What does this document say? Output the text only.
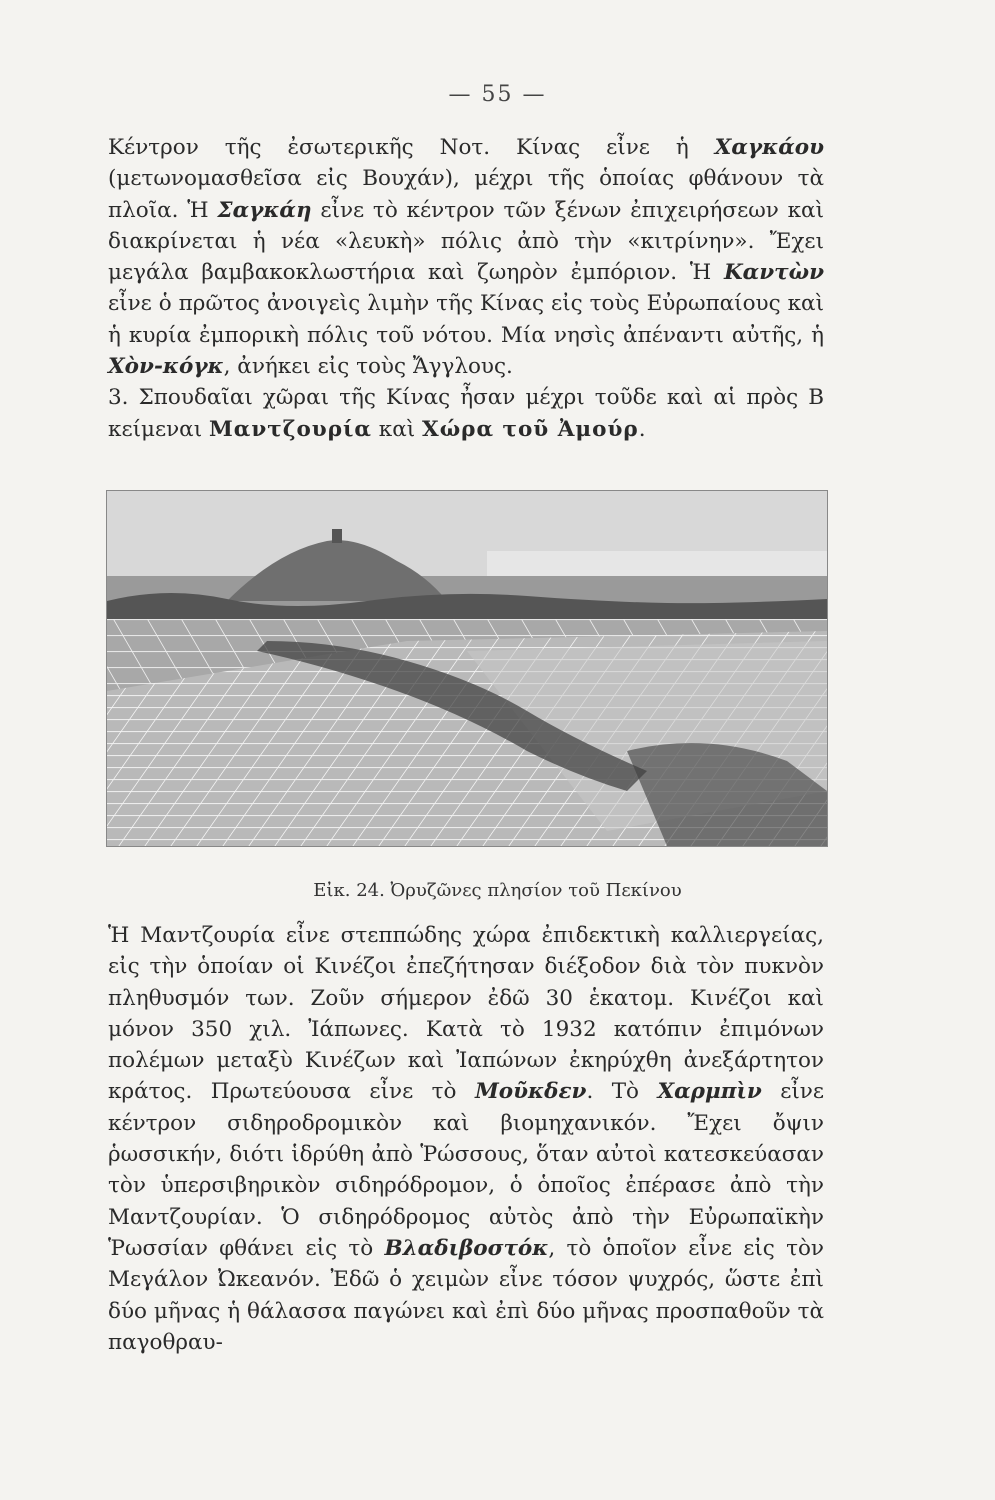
— 55 —

Κέντρον τῆς ἐσωτερικῆς Νοτ. Κίνας εἶνε ἡ Χαγκάου (μετωνομασθεῖσα εἰς Βουχάν), μέχρι τῆς ὁποίας φθάνουν τὰ πλοῖα. Ἡ Σαγκάη εἶνε τὸ κέντρον τῶν ξένων ἐπιχειρήσεων καὶ διακρίνεται ἡ νέα «λευκὴ» πόλις ἀπὸ τὴν «κιτρίνην». Ἔχει μεγάλα βαμβακοκλωστήρια καὶ ζωηρὸν ἐμπόριον. Ἡ Καντὼν εἶνε ὁ πρῶτος ἀνοιγεὶς λιμὴν τῆς Κίνας εἰς τοὺς Εὐρωπαίους καὶ ἡ κυρία ἐμπορικὴ πόλις τοῦ νότου. Μία νησὶς ἀπέναντι αὐτῆς, ἡ Χὸν-κόγκ, ἀνήκει εἰς τοὺς Ἄγγλους.
3. Σπουδαῖαι χῶραι τῆς Κίνας ἦσαν μέχρι τοῦδε καὶ αἱ πρὸς Β κείμεναι Μαντζουρία καὶ Χώρα τοῦ Ἀμούρ.

Εἰκ. 24. Ὀρυζῶνες πλησίον τοῦ Πεκίνου

Ἡ Μαντζουρία εἶνε στεππώδης χώρα ἐπιδεκτικὴ καλλιεργείας, εἰς τὴν ὁποίαν οἱ Κινέζοι ἐπεζήτησαν διέξοδον διὰ τὸν πυκνὸν πληθυσμόν των. Ζοῦν σήμερον ἐδῶ 30 ἑκατομ. Κινέζοι καὶ μόνον 350 χιλ. Ἰάπωνες. Κατὰ τὸ 1932 κατόπιν ἐπιμόνων πολέμων μεταξὺ Κινέζων καὶ Ἰαπώνων ἐκηρύχθη ἀνεξάρτητον κράτος. Πρωτεύουσα εἶνε τὸ Μοῦκδεν. Τὸ Χαρμπὶν εἶνε κέντρον σιδηροδρομικὸν καὶ βιομηχανικόν. Ἔχει ὄψιν ῥωσσικήν, διότι ἱδρύθη ἀπὸ Ῥώσσους, ὅταν αὐτοὶ κατεσκεύασαν τὸν ὑπερσιβηρικὸν σιδηρόδρομον, ὁ ὁποῖος ἐπέρασε ἀπὸ τὴν Μαντζουρίαν. Ὁ σιδηρόδρομος αὐτὸς ἀπὸ τὴν Εὐρωπαϊκὴν Ῥωσσίαν φθάνει εἰς τὸ Βλαδιβοστόκ, τὸ ὁποῖον εἶνε εἰς τὸν Μεγάλον Ὠκεανόν. Ἐδῶ ὁ χειμὼν εἶνε τόσον ψυχρός, ὥστε ἐπὶ δύο μῆνας ἡ θάλασσα παγώνει καὶ ἐπὶ δύο μῆνας προσπαθοῦν τὰ παγοθραυ-
